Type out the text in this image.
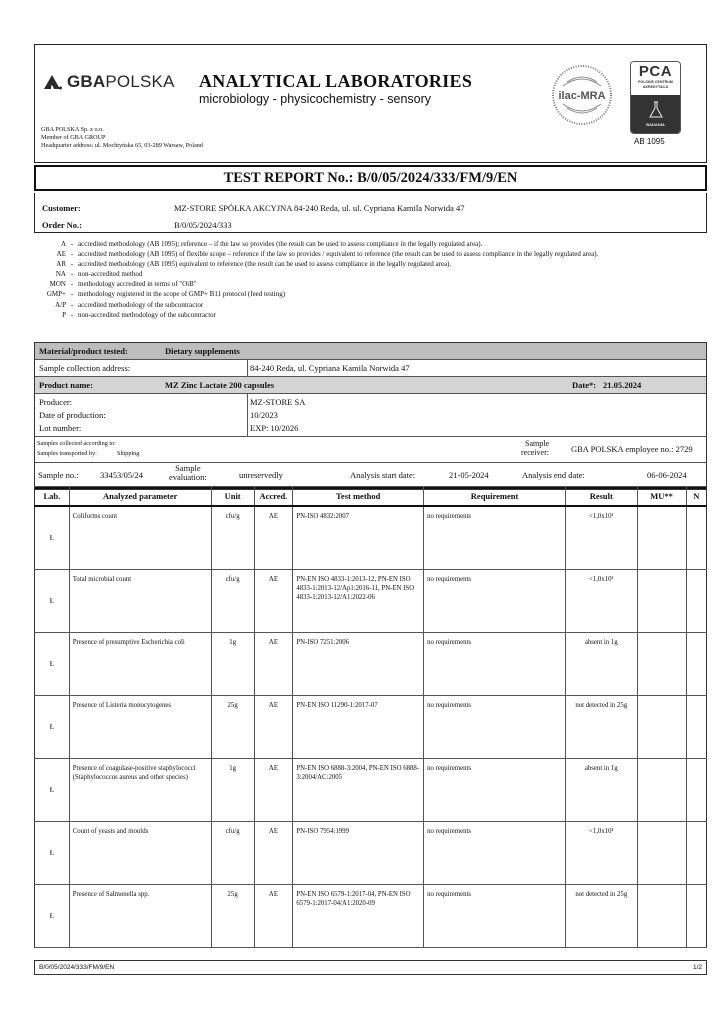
GBAPOLSKA ANALYTICAL LABORATORIES
microbiology - physicochemistry - sensory
GBA POLSKA Sp. z o.o.
Member of GBA GROUP
Headquarter address: ul. Mochtyńska 65, 03-289 Warsaw, Poland
ilac-MRA
PCA
POLSKIE CENTRUM
AKREDYTACJI
BADANIA
AB 1095
TEST REPORT No.: B/0/05/2024/333/FM/9/EN
Customer:	MZ-STORE SPÓŁKA AKCYJNA 84-240 Reda, ul. ul. Cypriana Kamila Norwida 47
Order No.:	B/0/05/2024/333
A - accredited methodology (AB 1095); reference – if the law so provides (the result can be used to assess compliance in the legally regulated area).
AE - accredited methodology (AB 1095) of flexible scope – reference if the law so provides / equivalent to reference (the result can be used to assess compliance in the legally regulated area).
AR - accredited methodology (AB 1095) equivalent to reference (the result can be used to assess compliance in the legally regulated area).
NA - non-accredited method
MON - methodology accredited in terms of "OiB"
GMP+ - methodology registered in the scope of GMP+ B11 protocol (feed testing)
A/P - accredited methodology of the subcontractor
P - non-accredited methodology of the subcontractor
Material/product tested:	Dietary supplements
Sample collection address:	84-240 Reda, ul. Cypriana Kamila Norwida 47
Product name:	MZ Zinc Lactate 200 capsules	Date*: 21.05.2024
Producer:	MZ-STORE SA
Date of production:	10/2023
Lot number:	EXP: 10/2026
Samples collected according to:
Samples transported by:	Shipping
Sample
receiver:	GBA POLSKA employee no.: 2729
Sample no.:	33453/05/24
Sample
evaluation:	unreservedly	Analysis start date:	21-05-2024	Analysis end date:	06-06-2024
Lab.	Analyzed parameter	Unit	Accred.	Test method	Requirement	Result	MU**	N
Ł	Coliforms count	cfu/g	AE	PN-ISO 4832:2007	no requirements	<1,0x10¹		
Ł	Total microbial count	cfu/g	AE	PN-EN ISO 4833-1:2013-12, PN-EN ISO 4833-1:2013-12/Ap1:2016-11, PN-EN ISO 4833-1:2013-12/A1:2022-06	no requirements	<1,0x10¹		
Ł	Presence of presumptive Escherichia coli	1g	AE	PN-ISO 7251:2006	no requirements	absent in 1g		
Ł	Presence of Listeria monocytogenes	25g	AE	PN-EN ISO 11290-1:2017-07	no requirements	not detected in 25g		
Ł	Presence of coagulase-positive staphylococci (Staphylococcus aureus and other species)	1g	AE	PN-EN ISO 6888-3:2004, PN-EN ISO 6888-3:2004/AC:2005	no requirements	absent in 1g		
Ł	Count of yeasts and moulds	cfu/g	AE	PN-ISO 7954:1999	no requirements	<1,0x10¹		
Ł	Presence of Salmonella spp.	25g	AE	PN-EN ISO 6579-1:2017-04, PN-EN ISO 6579-1:2017-04/A1:2020-09	no requirements	not detected in 25g		
B/0/05/2024/333/FM/9/EN	1/2
